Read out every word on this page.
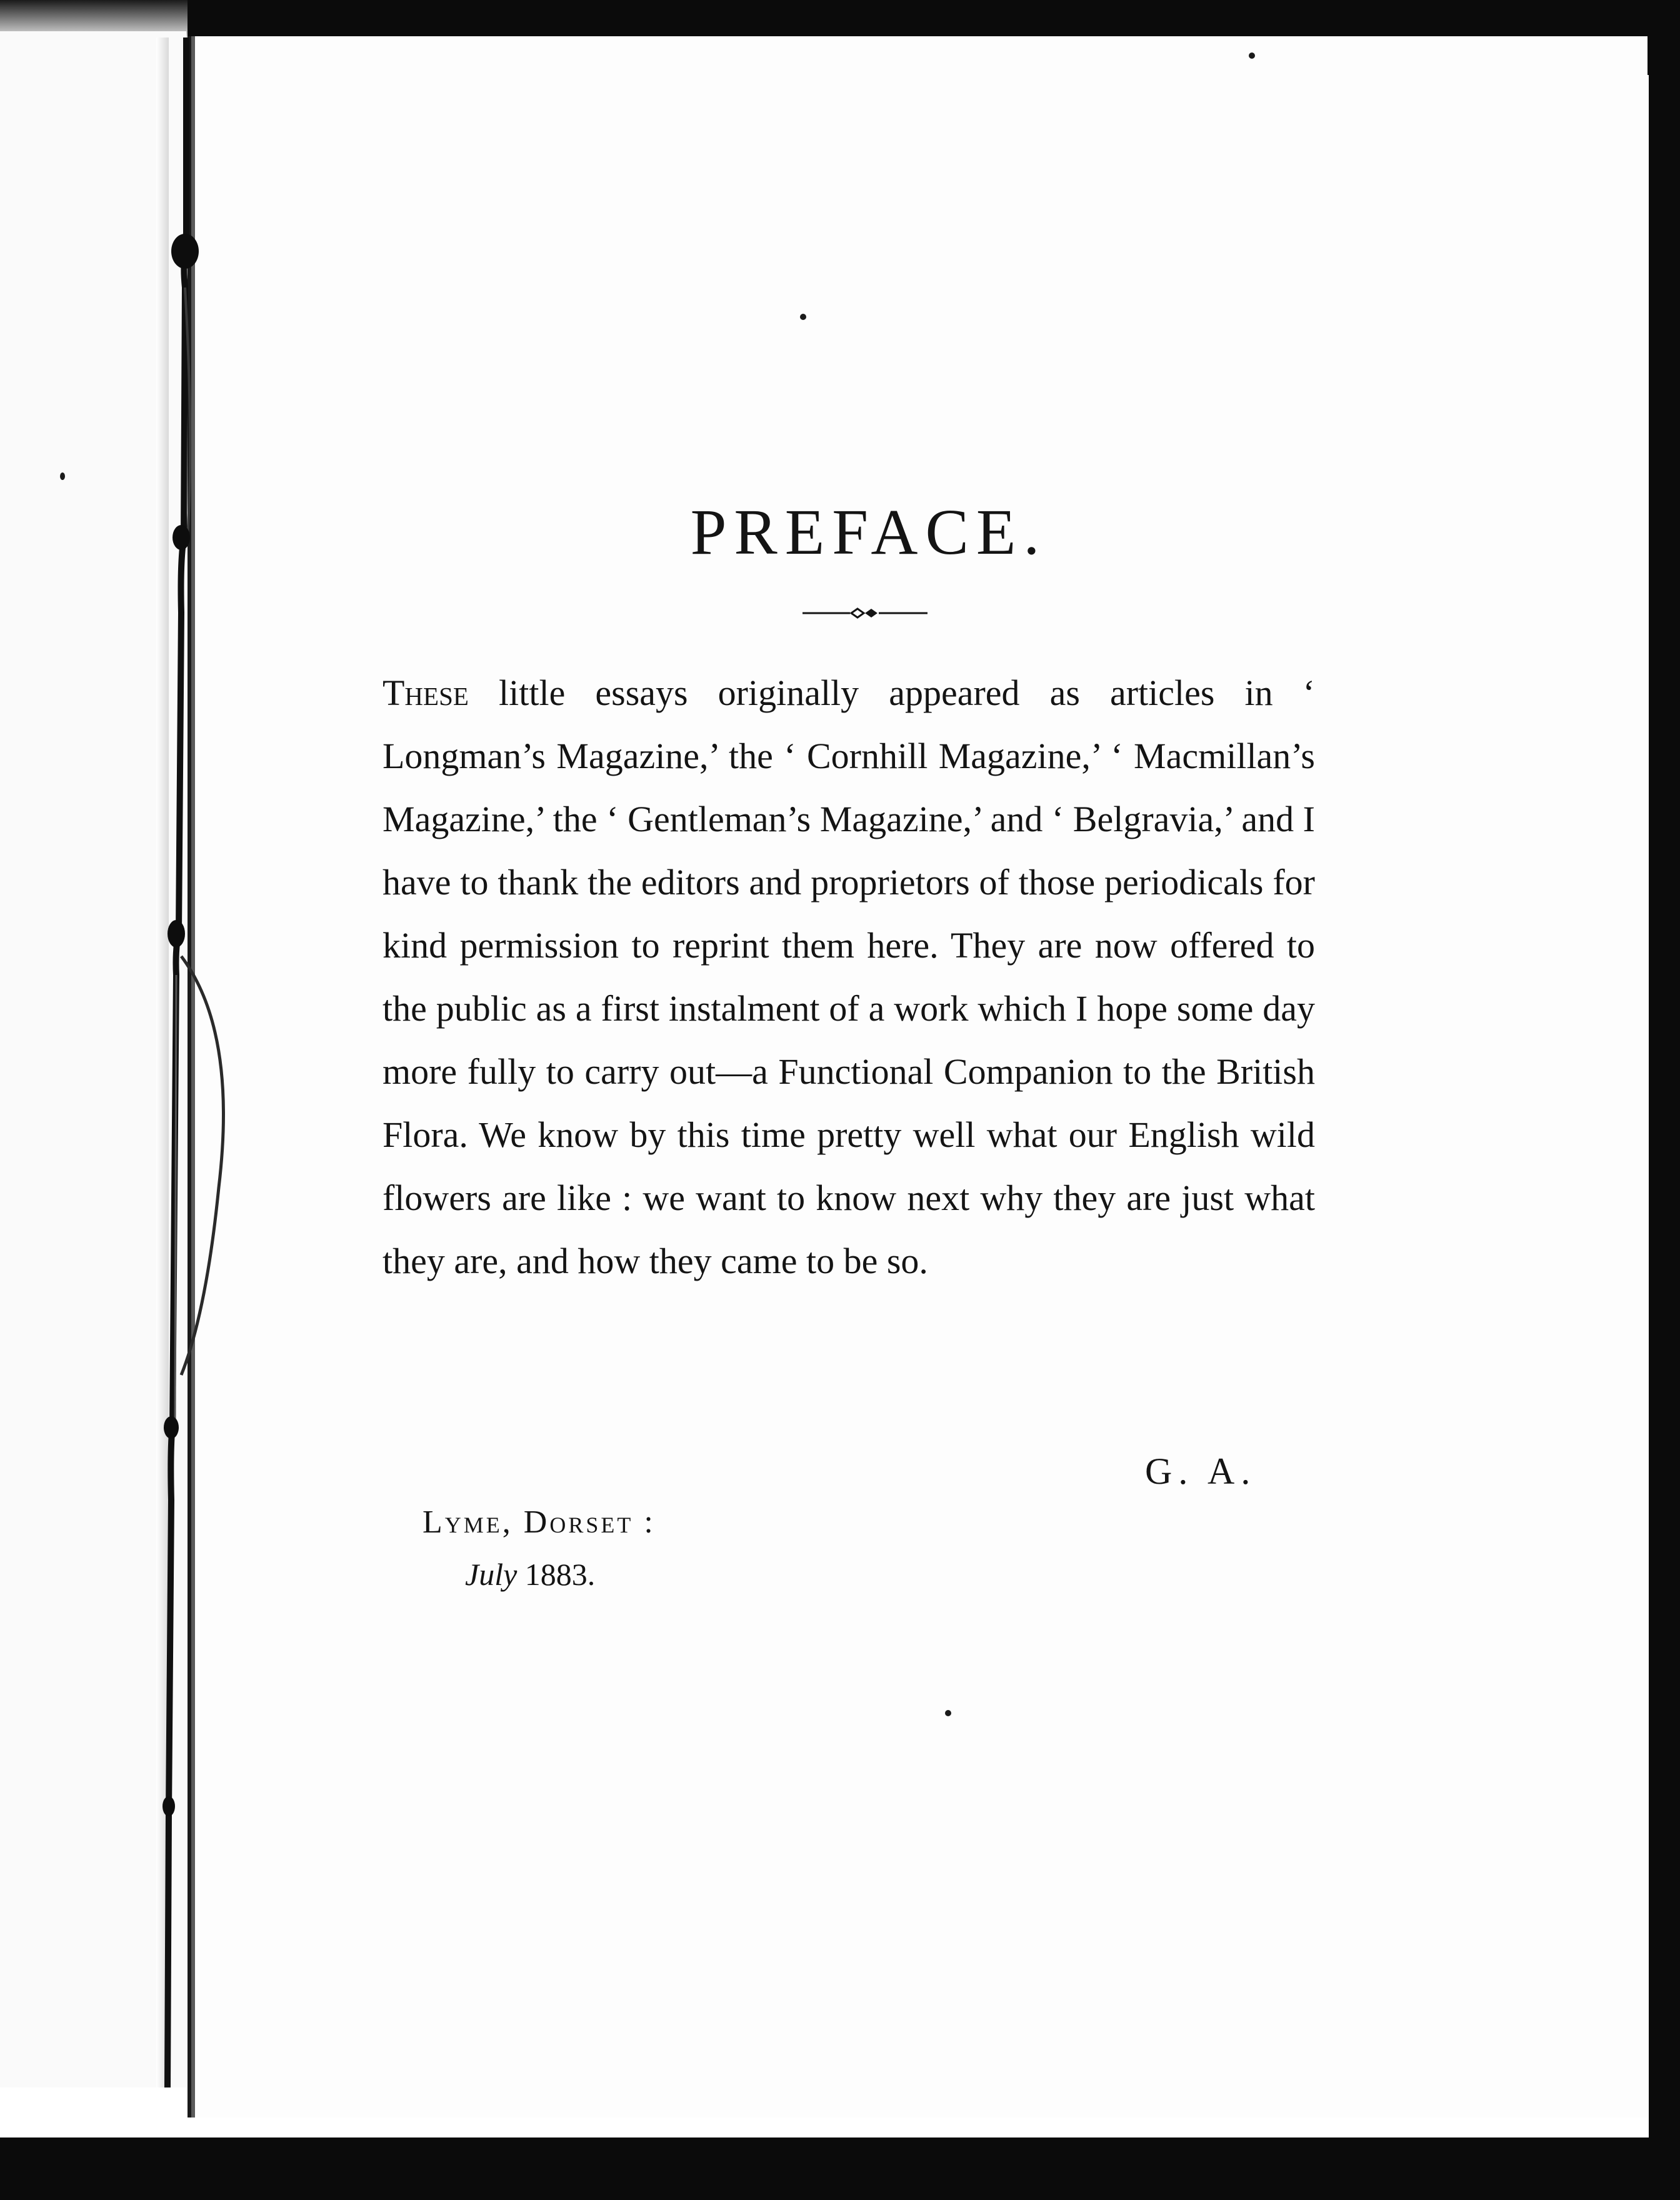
PREFACE.
These little essays originally appeared as articles in ‘ Longman’s Magazine,’ the ‘ Cornhill Magazine,’ ‘ Macmillan’s Magazine,’ the ‘ Gentleman’s Magazine,’ and ‘ Belgravia,’ and I have to thank the editors and proprietors of those periodicals for kind permission to reprint them here. They are now offered to the public as a first instalment of a work which I hope some day more fully to carry out—a Functional Companion to the British Flora. We know by this time pretty well what our English wild flowers are like : we want to know next why they are just what they are, and how they came to be so.
G. A.
Lyme, Dorset :
July 1883.
